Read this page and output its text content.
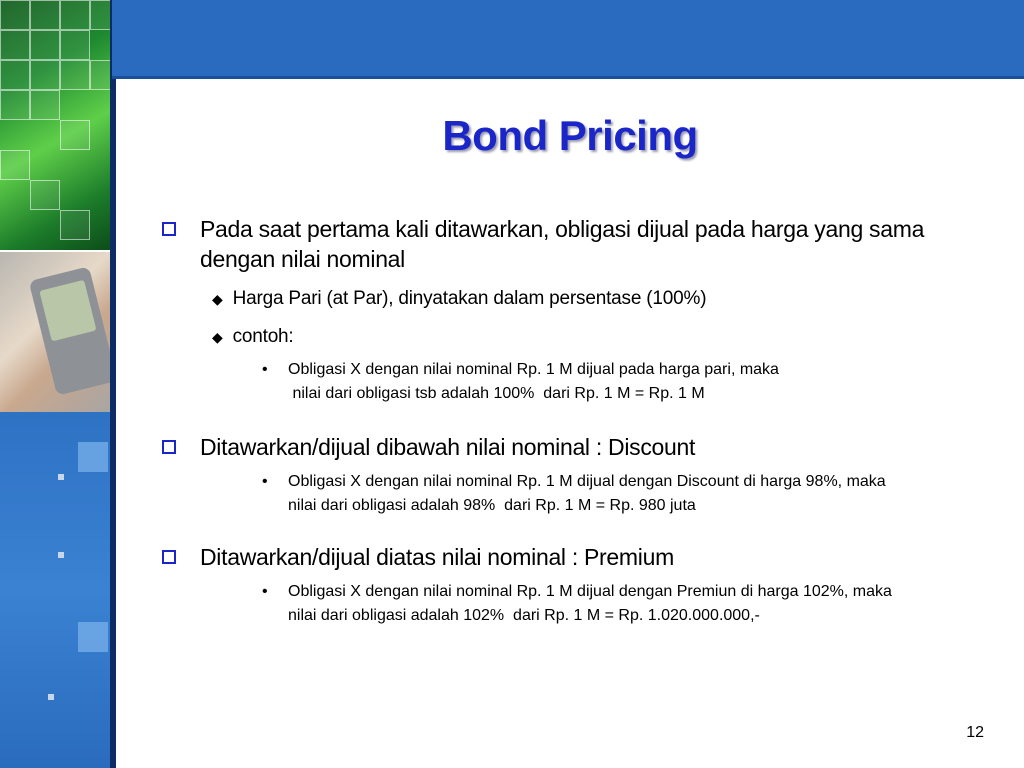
Bond Pricing
Pada saat pertama kali ditawarkan, obligasi dijual pada harga yang sama dengan nilai nominal
◆ Harga Pari (at Par), dinyatakan dalam persentase (100%)
◆ contoh:
•	Obligasi X dengan nilai nominal Rp. 1 M dijual pada harga pari, maka
nilai dari obligasi tsb adalah 100%  dari Rp. 1 M = Rp. 1 M
Ditawarkan/dijual dibawah nilai nominal : Discount
•	Obligasi X dengan nilai nominal Rp. 1 M dijual dengan Discount di harga 98%, maka
nilai dari obligasi adalah 98%  dari Rp. 1 M = Rp. 980 juta
Ditawarkan/dijual diatas nilai nominal : Premium
•	Obligasi X dengan nilai nominal Rp. 1 M dijual dengan Premiun di harga 102%, maka
nilai dari obligasi adalah 102%  dari Rp. 1 M = Rp. 1.020.000.000,-
12
